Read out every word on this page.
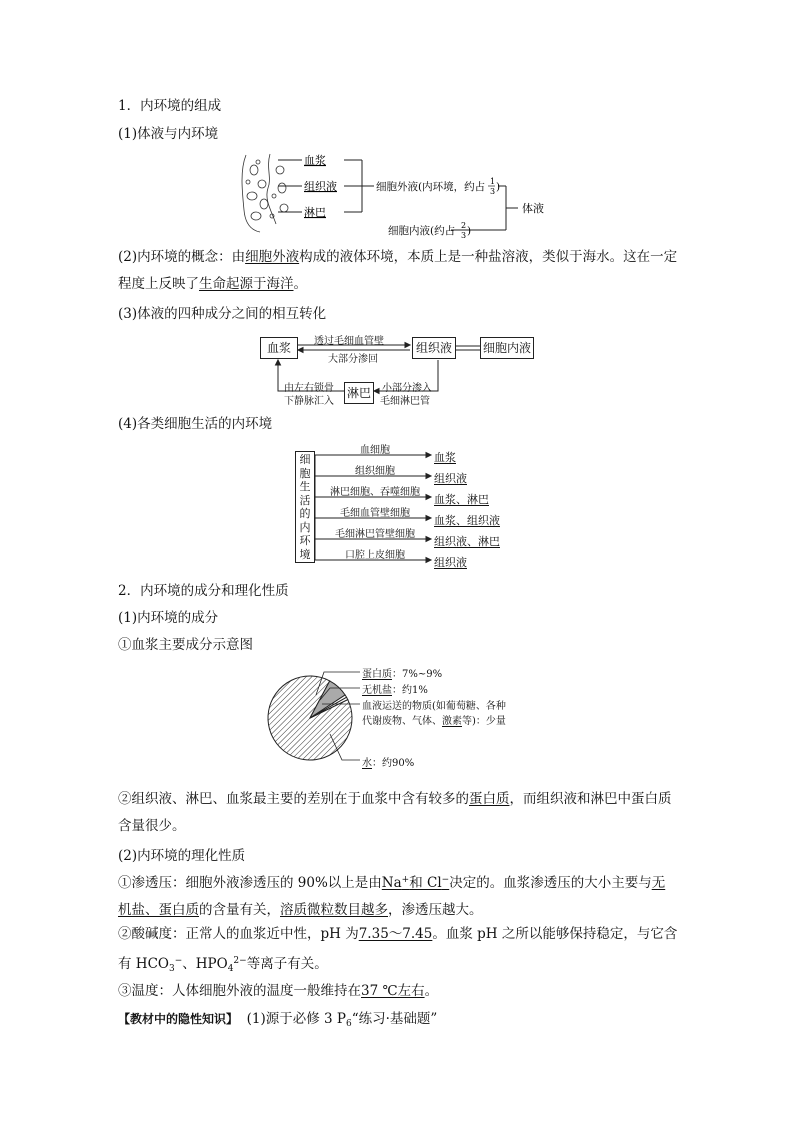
1．内环境的组成
(1)体液与内环境
血浆
组织液
淋巴
细胞外液(内环境，约占 1
3 )
细胞内液(约占 2
3 )
体液
(2)内环境的概念：由细胞外液构成的液体环境，本质上是一种盐溶液，类似于海水。这在一定程度上反映了生命起源于海洋。
(3)体液的四种成分之间的相互转化
血浆	组织液	细胞内液
淋巴
透过毛细血管壁
大部分渗回
小部分渗入
毛细淋巴管
由左右锁骨
下静脉汇入
(4)各类细胞生活的内环境
细
胞
生
活
的
内
环
境
血细胞
血浆
组织细胞
组织液
淋巴细胞、吞噬细胞
血浆、淋巴
毛细血管壁细胞
血浆、组织液
毛细淋巴管壁细胞
组织液、淋巴
口腔上皮细胞
组织液
2．内环境的成分和理化性质
(1)内环境的成分
①血浆主要成分示意图
蛋白质：7%~9%
无机盐：约1%
血液运送的物质(如葡萄糖、各种
代谢废物、气体、激素等)：少量
水：约90%
②组织液、淋巴、血浆最主要的差别在于血浆中含有较多的蛋白质，而组织液和淋巴中蛋白质含量很少。
(2)内环境的理化性质
①渗透压：细胞外液渗透压的 90%以上是由Na+和 Cl−决定的。血浆渗透压的大小主要与无机盐、蛋白质的含量有关，溶质微粒数目越多，渗透压越大。
②酸碱度：正常人的血浆近中性，pH 为7.35～7.45。血浆 pH 之所以能够保持稳定，与它含有 $HCO_3^-$、$HPO_4^{2-}$等离子有关。
③温度：人体细胞外液的温度一般维持在37 ℃左右。
【教材中的隐性知识】 (1)源于必修 3 $P_6“$练习·基础题”
